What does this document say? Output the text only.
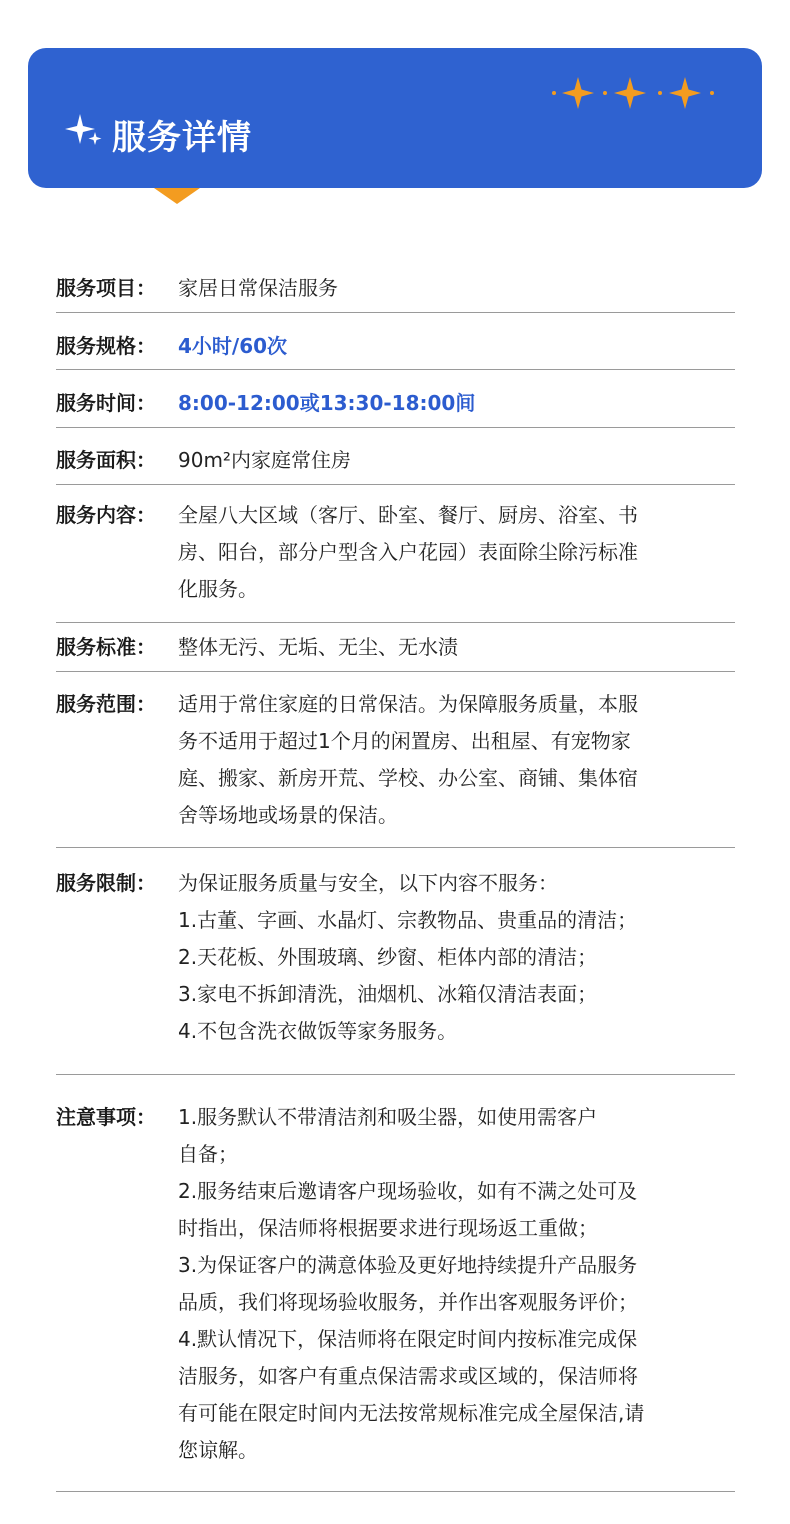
服务详情
服务项目： 家居日常保洁服务
服务规格： 4小时/60次
服务时间： 8:00-12:00或13:30-18:00间
服务面积： 90m²内家庭常住房
服务内容： 全屋八大区域（客厅、卧室、餐厅、厨房、浴室、书
房、阳台，部分户型含入户花园）表面除尘除污标准
化服务。
服务标准： 整体无污、无垢、无尘、无水渍
服务范围： 适用于常住家庭的日常保洁。为保障服务质量，本服
务不适用于超过1个月的闲置房、出租屋、有宠物家
庭、搬家、新房开荒、学校、办公室、商铺、集体宿
舍等场地或场景的保洁。
服务限制： 为保证服务质量与安全，以下内容不服务：
1.古董、字画、水晶灯、宗教物品、贵重品的清洁；
2.天花板、外围玻璃、纱窗、柜体内部的清洁；
3.家电不拆卸清洗，油烟机、冰箱仅清洁表面；
4.不包含洗衣做饭等家务服务。
注意事项： 1.服务默认不带清洁剂和吸尘器，如使用需客户
自备；
2.服务结束后邀请客户现场验收，如有不满之处可及
时指出，保洁师将根据要求进行现场返工重做；
3.为保证客户的满意体验及更好地持续提升产品服务
品质，我们将现场验收服务，并作出客观服务评价；
4.默认情况下，保洁师将在限定时间内按标准完成保
洁服务，如客户有重点保洁需求或区域的，保洁师将
有可能在限定时间内无法按常规标准完成全屋保洁,请
您谅解。
